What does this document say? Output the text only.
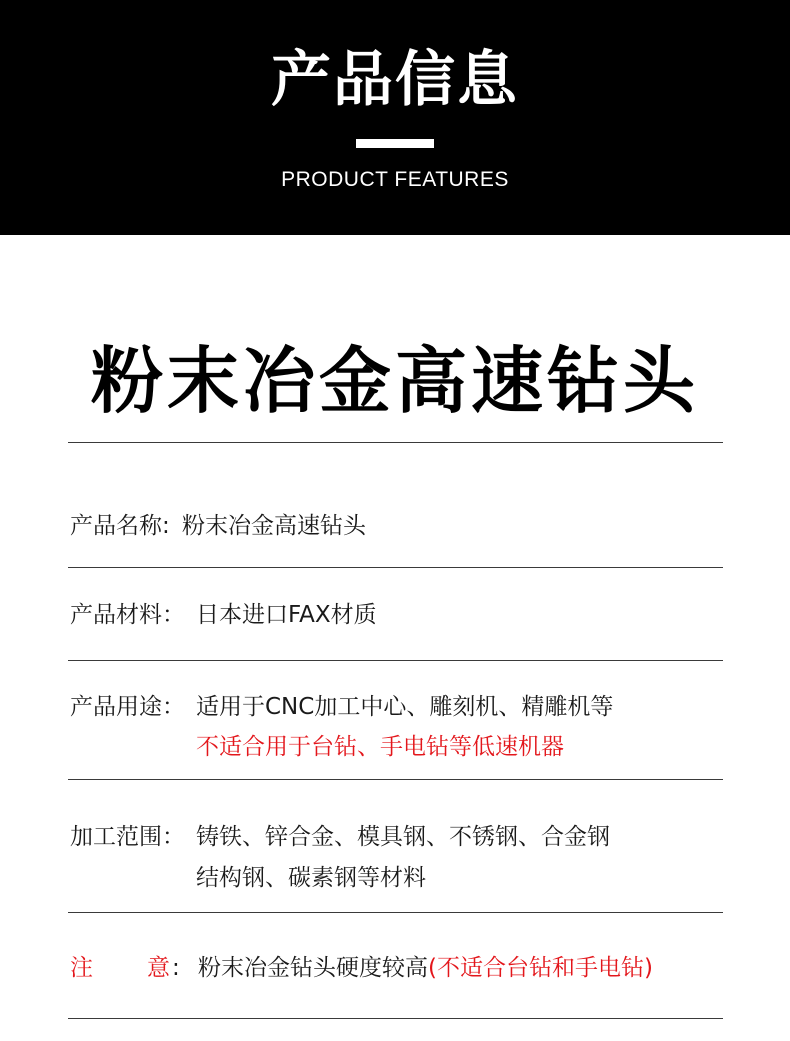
产品信息
PRODUCT FEATURES
粉末冶金高速钻头
产品名称: 粉末冶金高速钻头
产品材料： 日本进口FAX材质
产品用途： 适用于CNC加工中心、雕刻机、精雕机等
不适合用于台钻、手电钻等低速机器
加工范围： 铸铁、锌合金、模具钢、不锈钢、合金钢
结构钢、碳素钢等材料
注 意 : 粉末冶金钻头硬度较高(不适合台钻和手电钻)
